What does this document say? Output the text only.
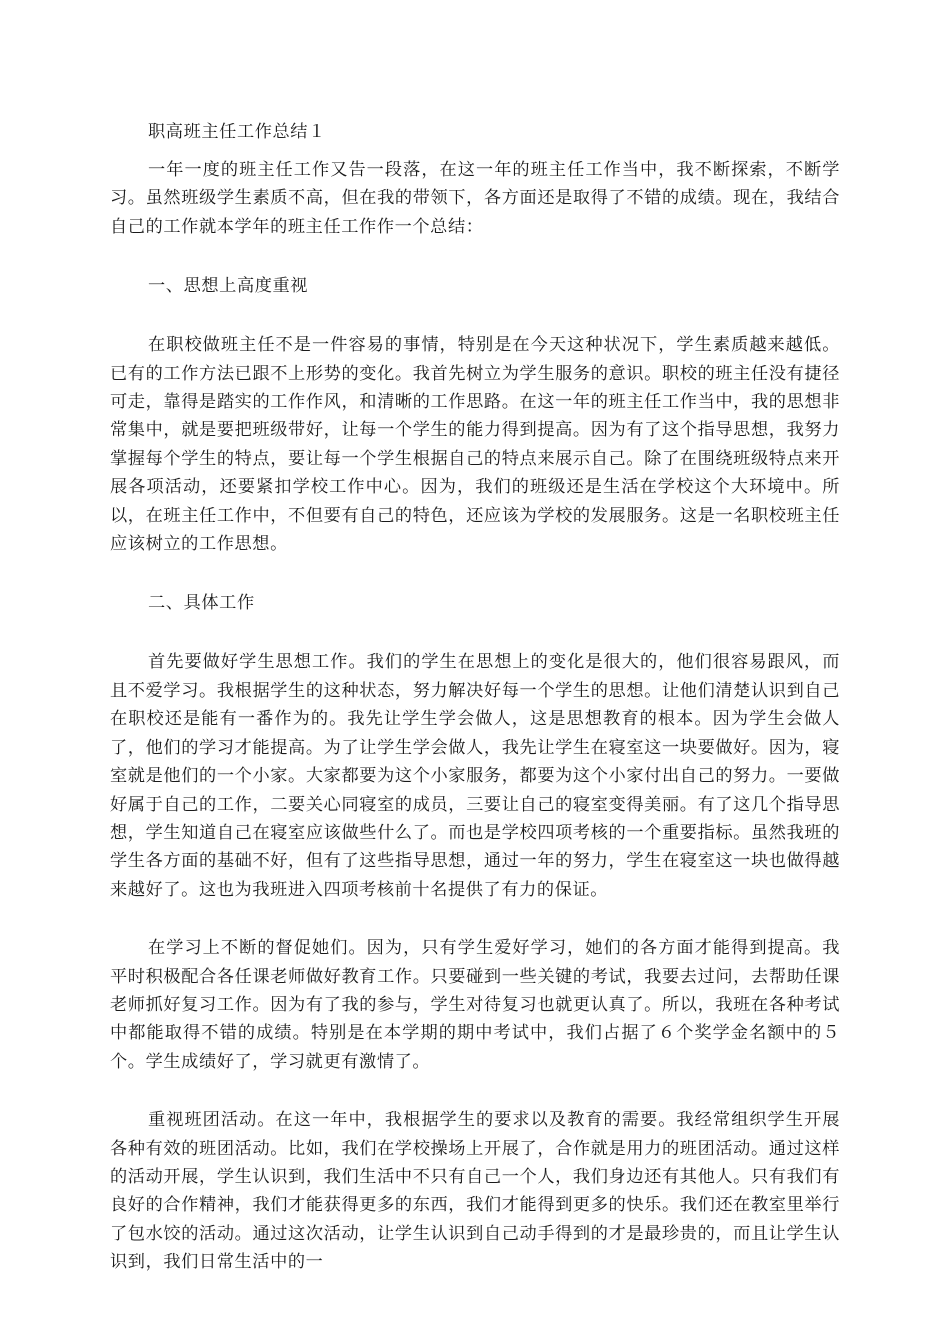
职高班主任工作总结１

一年一度的班主任工作又告一段落，在这一年的班主任工作当中，我不断探索，不断学习。虽然班级学生素质不高，但在我的带领下，各方面还是取得了不错的成绩。现在，我结合自己的工作就本学年的班主任工作作一个总结：

一、思想上高度重视

在职校做班主任不是一件容易的事情，特别是在今天这种状况下，学生素质越来越低。已有的工作方法已跟不上形势的变化。我首先树立为学生服务的意识。职校的班主任没有捷径可走，靠得是踏实的工作作风，和清晰的工作思路。在这一年的班主任工作当中，我的思想非常集中，就是要把班级带好，让每一个学生的能力得到提高。因为有了这个指导思想，我努力掌握每个学生的特点，要让每一个学生根据自己的特点来展示自己。除了在围绕班级特点来开展各项活动，还要紧扣学校工作中心。因为，我们的班级还是生活在学校这个大环境中。所以，在班主任工作中，不但要有自己的特色，还应该为学校的发展服务。这是一名职校班主任应该树立的工作思想。

二、具体工作

首先要做好学生思想工作。我们的学生在思想上的变化是很大的，他们很容易跟风，而且不爱学习。我根据学生的这种状态，努力解决好每一个学生的思想。让他们清楚认识到自己在职校还是能有一番作为的。我先让学生学会做人，这是思想教育的根本。因为学生会做人了，他们的学习才能提高。为了让学生学会做人，我先让学生在寝室这一块要做好。因为，寝室就是他们的一个小家。大家都要为这个小家服务，都要为这个小家付出自己的努力。一要做好属于自己的工作，二要关心同寝室的成员，三要让自己的寝室变得美丽。有了这几个指导思想，学生知道自己在寝室应该做些什么了。而也是学校四项考核的一个重要指标。虽然我班的学生各方面的基础不好，但有了这些指导思想，通过一年的努力，学生在寝室这一块也做得越来越好了。这也为我班进入四项考核前十名提供了有力的保证。

在学习上不断的督促她们。因为，只有学生爱好学习，她们的各方面才能得到提高。我平时积极配合各任课老师做好教育工作。只要碰到一些关键的考试，我要去过问，去帮助任课老师抓好复习工作。因为有了我的参与，学生对待复习也就更认真了。所以，我班在各种考试中都能取得不错的成绩。特别是在本学期的期中考试中，我们占据了６个奖学金名额中的５个。学生成绩好了，学习就更有激情了。

重视班团活动。在这一年中，我根据学生的要求以及教育的需要。我经常组织学生开展各种有效的班团活动。比如，我们在学校操场上开展了，合作就是用力的班团活动。通过这样的活动开展，学生认识到，我们生活中不只有自己一个人，我们身边还有其他人。只有我们有良好的合作精神，我们才能获得更多的东西，我们才能得到更多的快乐。我们还在教室里举行了包水饺的活动。通过这次活动，让学生认识到自己动手得到的才是最珍贵的，而且让学生认识到，我们日常生活中的一
